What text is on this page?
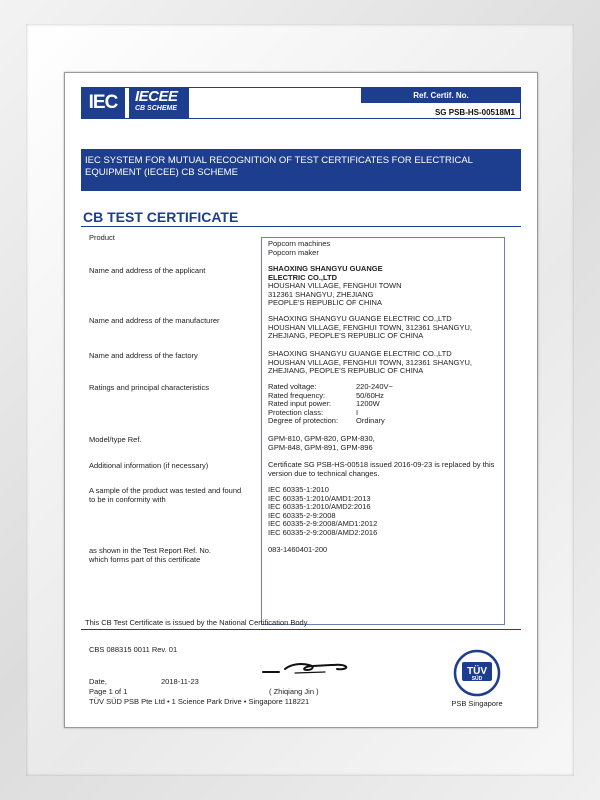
IEC	IECEE
CB SCHEME
Ref. Certif. No.
SG PSB-HS-00518M1
IEC SYSTEM FOR MUTUAL RECOGNITION OF TEST CERTIFICATES FOR ELECTRICAL EQUIPMENT (IECEE) CB SCHEME
CB TEST CERTIFICATE
Product
Popcorn machines
Popcorn maker
Name and address of the applicant	SHAOXING SHANGYU GUANGE
ELECTRIC CO.,LTD
HOUSHAN VILLAGE, FENGHUI TOWN
312361 SHANGYU, ZHEJIANG
PEOPLE'S REPUBLIC OF CHINA
Name and address of the manufacturer	SHAOXING SHANGYU GUANGE ELECTRIC CO.,LTD
HOUSHAN VILLAGE, FENGHUI TOWN, 312361 SHANGYU,
ZHEJIANG, PEOPLE'S REPUBLIC OF CHINA
Name and address of the factory	SHAOXING SHANGYU GUANGE ELECTRIC CO.,LTD
HOUSHAN VILLAGE, FENGHUI TOWN, 312361 SHANGYU,
ZHEJIANG, PEOPLE'S REPUBLIC OF CHINA
Ratings and principal characteristics	Rated voltage:	220-240V~
Rated frequency:	50/60Hz
Rated input power:	1200W
Protection class:	I
Degree of protection:	Ordinary
Model/type Ref.	GPM-810, GPM-820, GPM-830,
GPM-848, GPM-891, GPM-896
Additional information (if necessary)	Certificate SG PSB-HS-00518 issued 2016-09-23 is replaced by this
version due to technical changes.
A sample of the product was tested and found
to be in conformity with
IEC 60335-1:2010
IEC 60335-1:2010/AMD1:2013
IEC 60335-1:2010/AMD2:2016
IEC 60335-2-9:2008
IEC 60335-2-9:2008/AMD1:2012
IEC 60335-2-9:2008/AMD2:2016
as shown in the Test Report Ref. No.
which forms part of this certificate
083-1460401-200
This CB Test Certificate is issued by the National Certification Body
CBS 088315 0011 Rev. 01
Date,	2018-11-23
Page 1 of 1	( Zhiqiang Jin )
TÜV SÜD PSB Pte Ltd • 1 Science Park Drive • Singapore 118221
TÜV
SÜD
PSB Singapore
